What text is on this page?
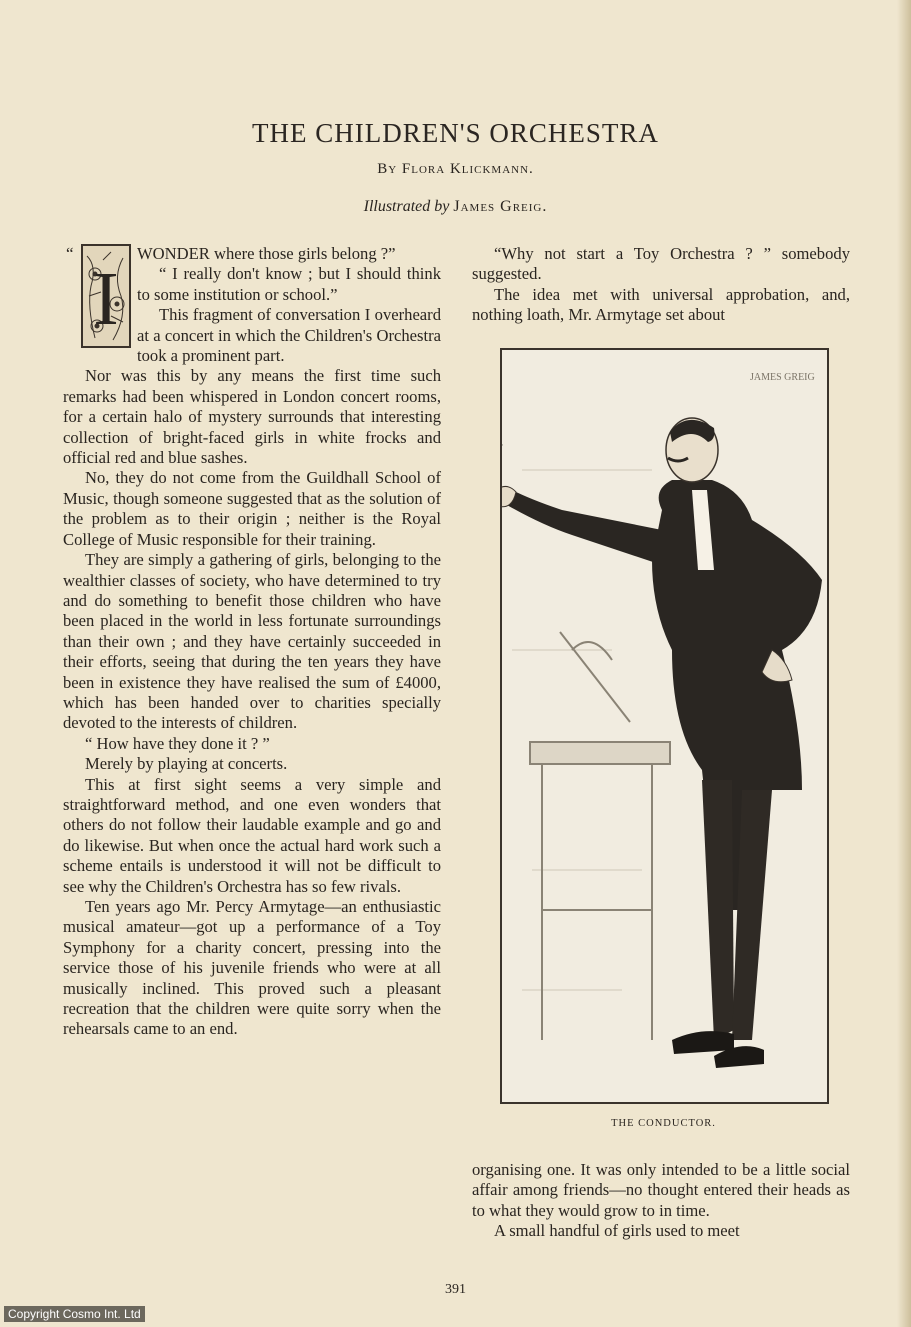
THE CHILDREN'S ORCHESTRA
By Flora Klickmann.
Illustrated by James Greig.
“
I

WONDER where those girls belong ?”

“ I really don't know ; but I should think to some institution or school.”

This fragment of conversation I overheard at a concert in which the Children's Orchestra took a prominent part.

Nor was this by any means the first time such remarks had been whispered in London concert rooms, for a certain halo of mystery surrounds that interesting collection of bright-faced girls in white frocks and official red and blue sashes.

No, they do not come from the Guildhall School of Music, though someone suggested that as the solution of the problem as to their origin ; neither is the Royal College of Music responsible for their training.

They are simply a gathering of girls, belonging to the wealthier classes of society, who have determined to try and do something to benefit those children who have been placed in the world in less fortunate surroundings than their own ; and they have certainly succeeded in their efforts, seeing that during the ten years they have been in existence they have realised the sum of £4000, which has been handed over to charities specially devoted to the interests of children.

“ How have they done it ? ”

Merely by playing at concerts.

This at first sight seems a very simple and straightforward method, and one even wonders that others do not follow their laudable example and go and do likewise. But when once the actual hard work such a scheme entails is understood it will not be difficult to see why the Children's Orchestra has so few rivals.

Ten years ago Mr. Percy Armytage—an enthusiastic musical amateur—got up a performance of a Toy Symphony for a charity concert, pressing into the service those of his juvenile friends who were at all musically inclined. This proved such a pleasant recreation that the children were quite sorry when the rehearsals came to an end.

“Why not start a Toy Orchestra ? ” somebody suggested.

The idea met with universal approbation, and, nothing loath, Mr. Armytage set about

JAMES GREIG
THE CONDUCTOR.

organising one. It was only intended to be a little social affair among friends—no thought entered their heads as to what they would grow to in time.

A small handful of girls used to meet

391
Copyright Cosmo Int. Ltd
